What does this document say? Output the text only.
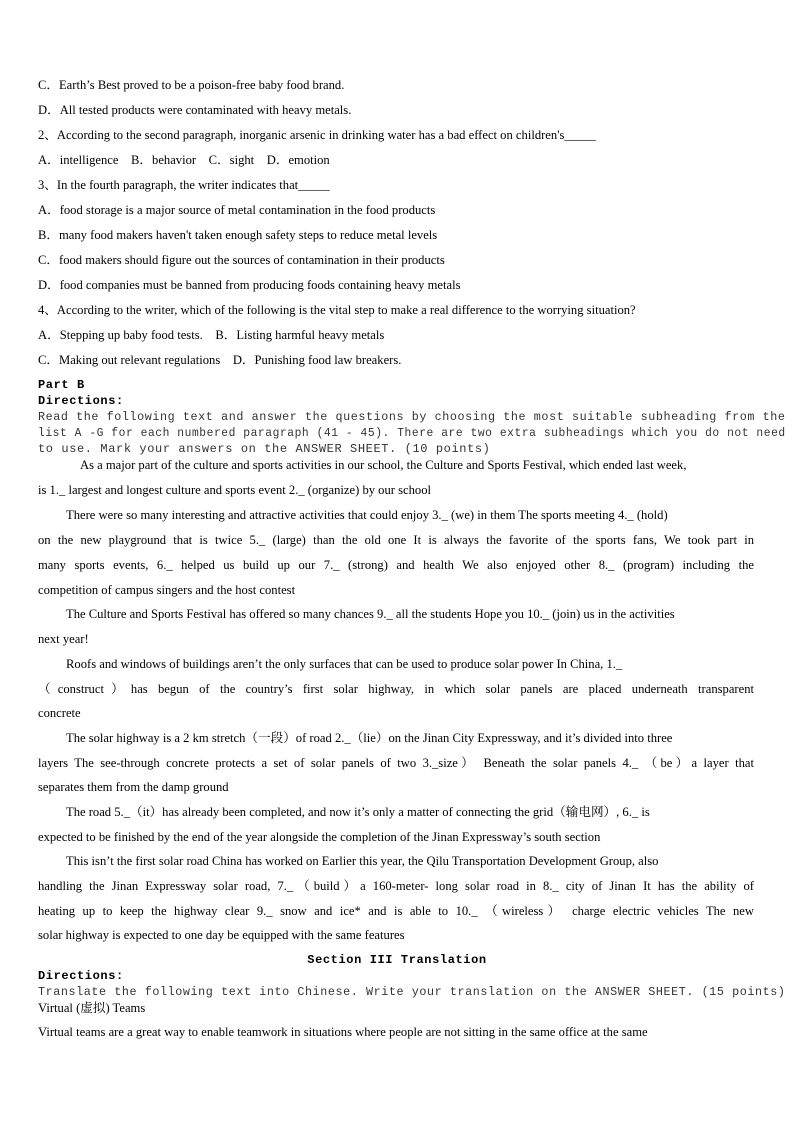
C．Earth’s Best proved to be a poison-free baby food brand.
D．All tested products were contaminated with heavy metals.
2、According to the second paragraph, inorganic arsenic in drinking water has a bad effect on children's_____
A．intelligence　B．behavior　C．sight　D．emotion
3、In the fourth paragraph, the writer indicates that_____
A．food storage is a major source of metal contamination in the food products
B．many food makers haven't taken enough safety steps to reduce metal levels
C．food makers should figure out the sources of contamination in their products
D．food companies must be banned from producing foods containing heavy metals
4、According to the writer, which of the following is the vital step to make a real difference to the worrying situation?
A．Stepping up baby food tests.　B．Listing harmful heavy metals
C．Making out relevant regulations　D．Punishing food law breakers.
Part B
Directions:
Read the following text and answer the questions by choosing the most suitable subheading from the
list A -G for each numbered paragraph (41 - 45). There are two extra subheadings which you do not need
to use. Mark your answers on the ANSWER SHEET. (10 points)
As a major part of the culture and sports activities in our school, the Culture and Sports Festival, which ended last week,
is 1._ largest and longest culture and sports event 2._ (organize) by our school
There were so many interesting and attractive activities that could enjoy 3._ (we) in them The sports meeting 4._ (hold)
on the new playground that is twice 5._ (large) than the old one It is always the favorite of the sports fans, We took part in
many sports events, 6._ helped us build up our 7._ (strong) and health We also enjoyed other 8._ (program) including the
competition of campus singers and the host contest
The Culture and Sports Festival has offered so many chances 9._ all the students Hope you 10._ (join) us in the activities
next year!
Roofs and windows of buildings aren’t the only surfaces that can be used to produce solar power In China, 1._
（construct）has begun of the country’s first solar highway, in which solar panels are placed underneath transparent
concrete
The solar highway is a 2 km stretch（一段）of road 2._（lie）on the Jinan City Expressway, and it’s divided into three
layers The see-through concrete protects a set of solar panels of two 3._size） Beneath the solar panels 4._ （be）a layer that
separates them from the damp ground
The road 5._（it）has already been completed, and now it’s only a matter of connecting the grid（输电网）, 6._ is
expected to be finished by the end of the year alongside the completion of the Jinan Expressway’s south section
This isn’t the first solar road China has worked on Earlier this year, the Qilu Transportation Development Group, also
handling the Jinan Expressway solar road, 7._（build）a 160-meter- long solar road in 8._ city of Jinan It has the ability of
heating up to keep the highway clear 9._ snow and ice* and is able to 10._ （wireless） charge electric vehicles The new
solar highway is expected to one day be equipped with the same features
Section III Translation
Directions:
Translate the following text into Chinese. Write your translation on the ANSWER SHEET. (15 points)
Virtual (虚拟) Teams
Virtual teams are a great way to enable teamwork in situations where people are not sitting in the same office at the same
